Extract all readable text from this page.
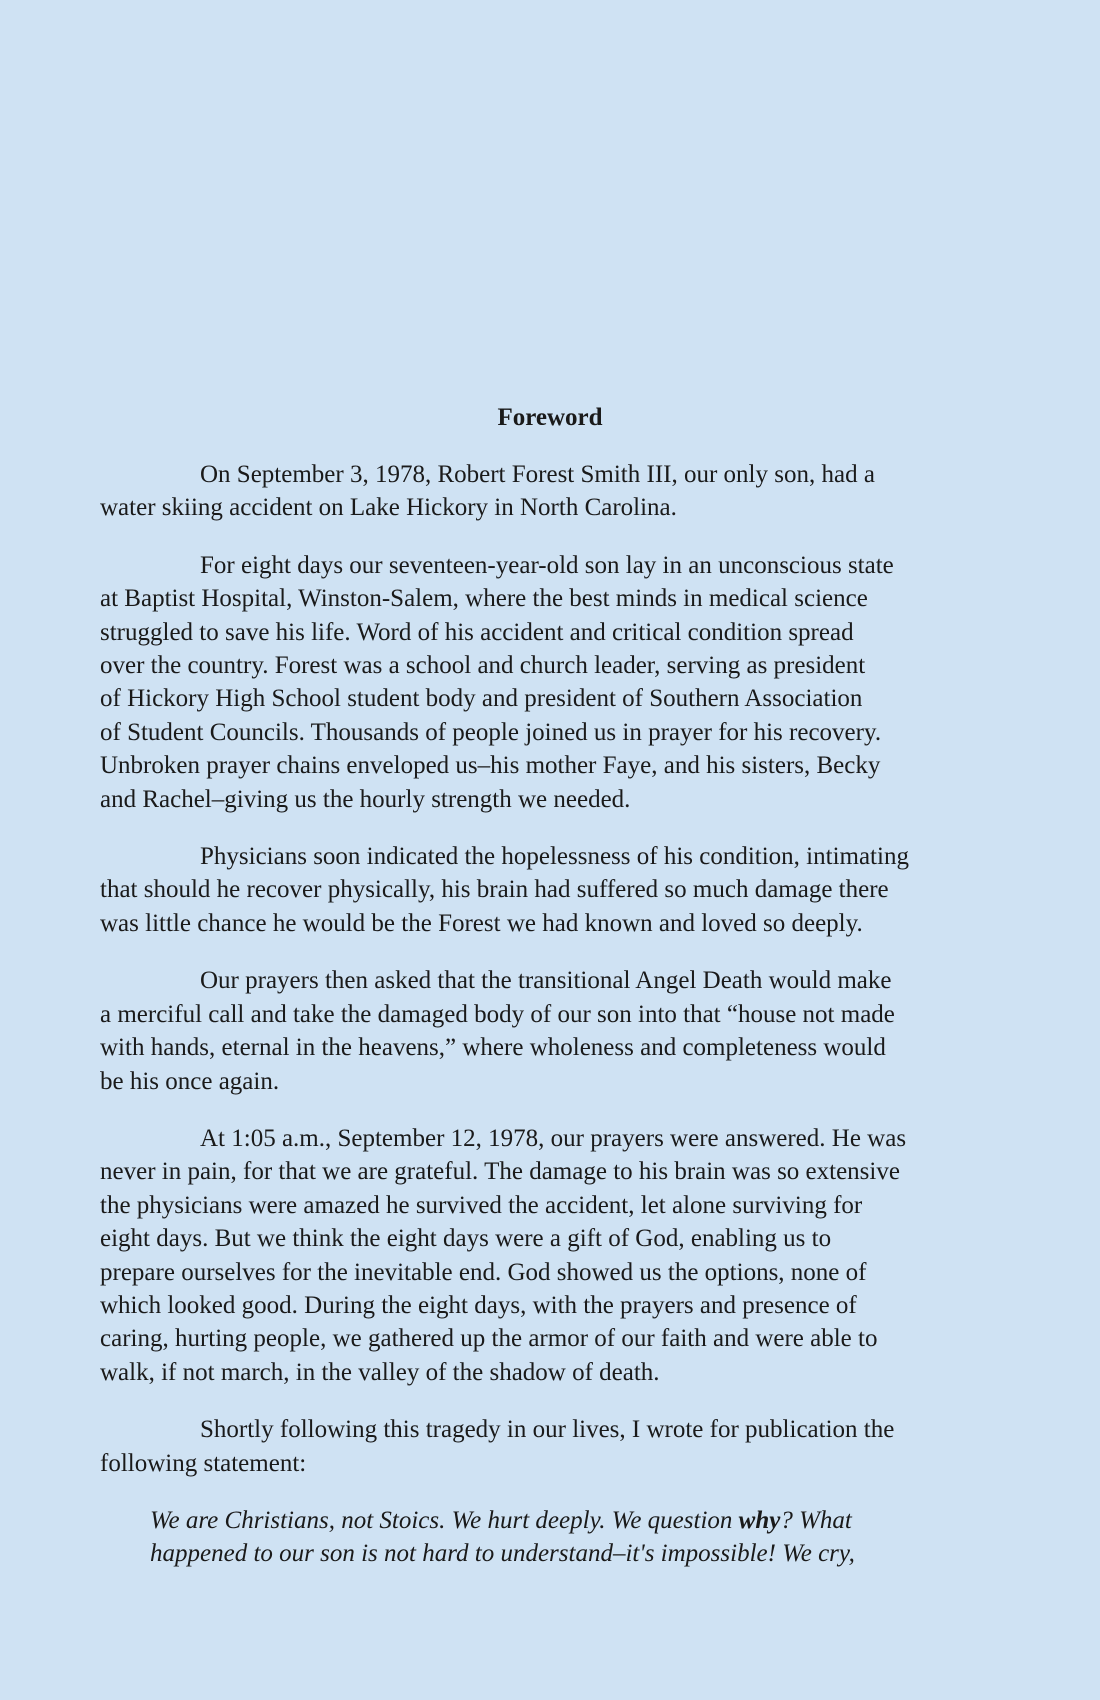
Foreword

On September 3, 1978, Robert Forest Smith III, our only son, had a
water skiing accident on Lake Hickory in North Carolina.

For eight days our seventeen-year-old son lay in an unconscious state
at Baptist Hospital, Winston-Salem, where the best minds in medical science
struggled to save his life. Word of his accident and critical condition spread
over the country. Forest was a school and church leader, serving as president
of Hickory High School student body and president of Southern Association
of Student Councils. Thousands of people joined us in prayer for his recovery.
Unbroken prayer chains enveloped us–his mother Faye, and his sisters, Becky
and Rachel–giving us the hourly strength we needed.

Physicians soon indicated the hopelessness of his condition, intimating
that should he recover physically, his brain had suffered so much damage there
was little chance he would be the Forest we had known and loved so deeply.

Our prayers then asked that the transitional Angel Death would make
a merciful call and take the damaged body of our son into that “house not made
with hands, eternal in the heavens,” where wholeness and completeness would
be his once again.

At 1:05 a.m., September 12, 1978, our prayers were answered. He was
never in pain, for that we are grateful. The damage to his brain was so extensive
the physicians were amazed he survived the accident, let alone surviving for
eight days. But we think the eight days were a gift of God, enabling us to
prepare ourselves for the inevitable end. God showed us the options, none of
which looked good. During the eight days, with the prayers and presence of
caring, hurting people, we gathered up the armor of our faith and were able to
walk, if not march, in the valley of the shadow of death.

Shortly following this tragedy in our lives, I wrote for publication the
following statement:

We are Christians, not Stoics. We hurt deeply. We question why? What
happened to our son is not hard to understand–it's impossible! We cry,
